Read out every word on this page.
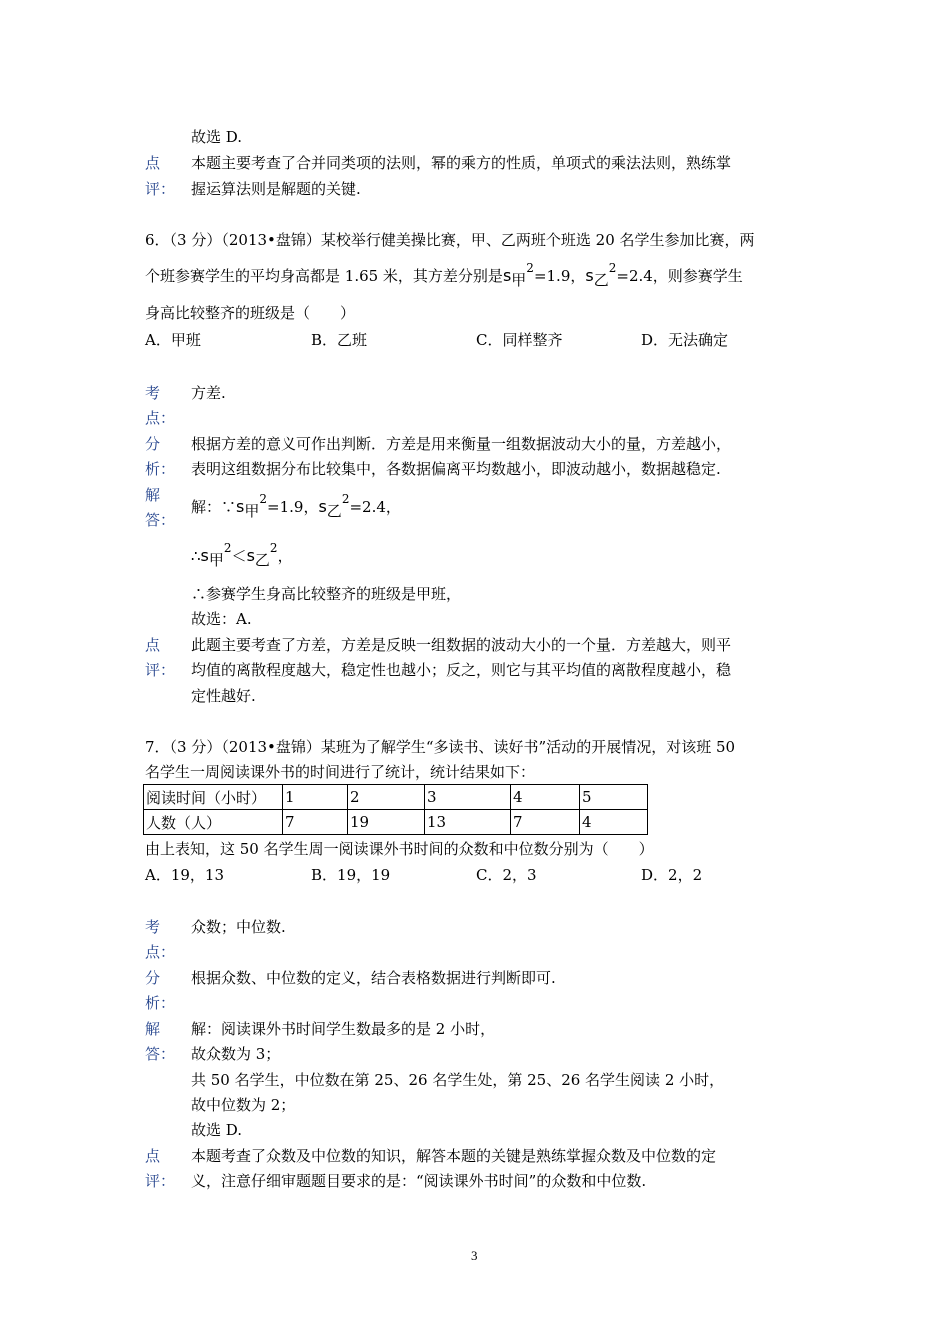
故选 D.
点
评：
本题主要考查了合并同类项的法则，幂的乘方的性质，单项式的乘法法则，熟练掌
握运算法则是解题的关键.
6．（3 分）（2013•盘锦）某校举行健美操比赛，甲、乙两班个班选 20 名学生参加比赛，两
个班参赛学生的平均身高都是 1.65 米，其方差分别是s甲$^2$=1.9，s乙$^2$=2.4，则参赛学生
身高比较整齐的班级是（　　）
A．甲班	B．乙班	C．同样整齐	D．无法确定
考
点：
方差.
分
析：
根据方差的意义可作出判断．方差是用来衡量一组数据波动大小的量，方差越小，
表明这组数据分布比较集中，各数据偏离平均数越小，即波动越小，数据越稳定.
解
答：
解：∵s甲$^2$=1.9，s乙$^2$=2.4，
∴s甲$^2$＜s乙$^2$，
∴参赛学生身高比较整齐的班级是甲班，
故选：A.
点
评：
此题主要考查了方差，方差是反映一组数据的波动大小的一个量．方差越大，则平
均值的离散程度越大，稳定性也越小；反之，则它与其平均值的离散程度越小，稳
定性越好.
7．（3 分）（2013•盘锦）某班为了解学生“多读书、读好书”活动的开展情况，对该班 50
名学生一周阅读课外书的时间进行了统计，统计结果如下：
阅读时间（小时）	1	2	3	4	5
人数（人）	7	19	13	7	4
由上表知，这 50 名学生周一阅读课外书时间的众数和中位数分别为（　　）
A．19，13	B．19，19	C．2，3	D．2，2
考
点：
众数；中位数.
分
析：
根据众数、中位数的定义，结合表格数据进行判断即可.
解
答：
解：阅读课外书时间学生数最多的是 2 小时，
故众数为 3；
共 50 名学生，中位数在第 25、26 名学生处，第 25、26 名学生阅读 2 小时，
故中位数为 2；
故选 D.
点
评：
本题考查了众数及中位数的知识，解答本题的关键是熟练掌握众数及中位数的定
义，注意仔细审题题目要求的是：“阅读课外书时间”的众数和中位数.
3
